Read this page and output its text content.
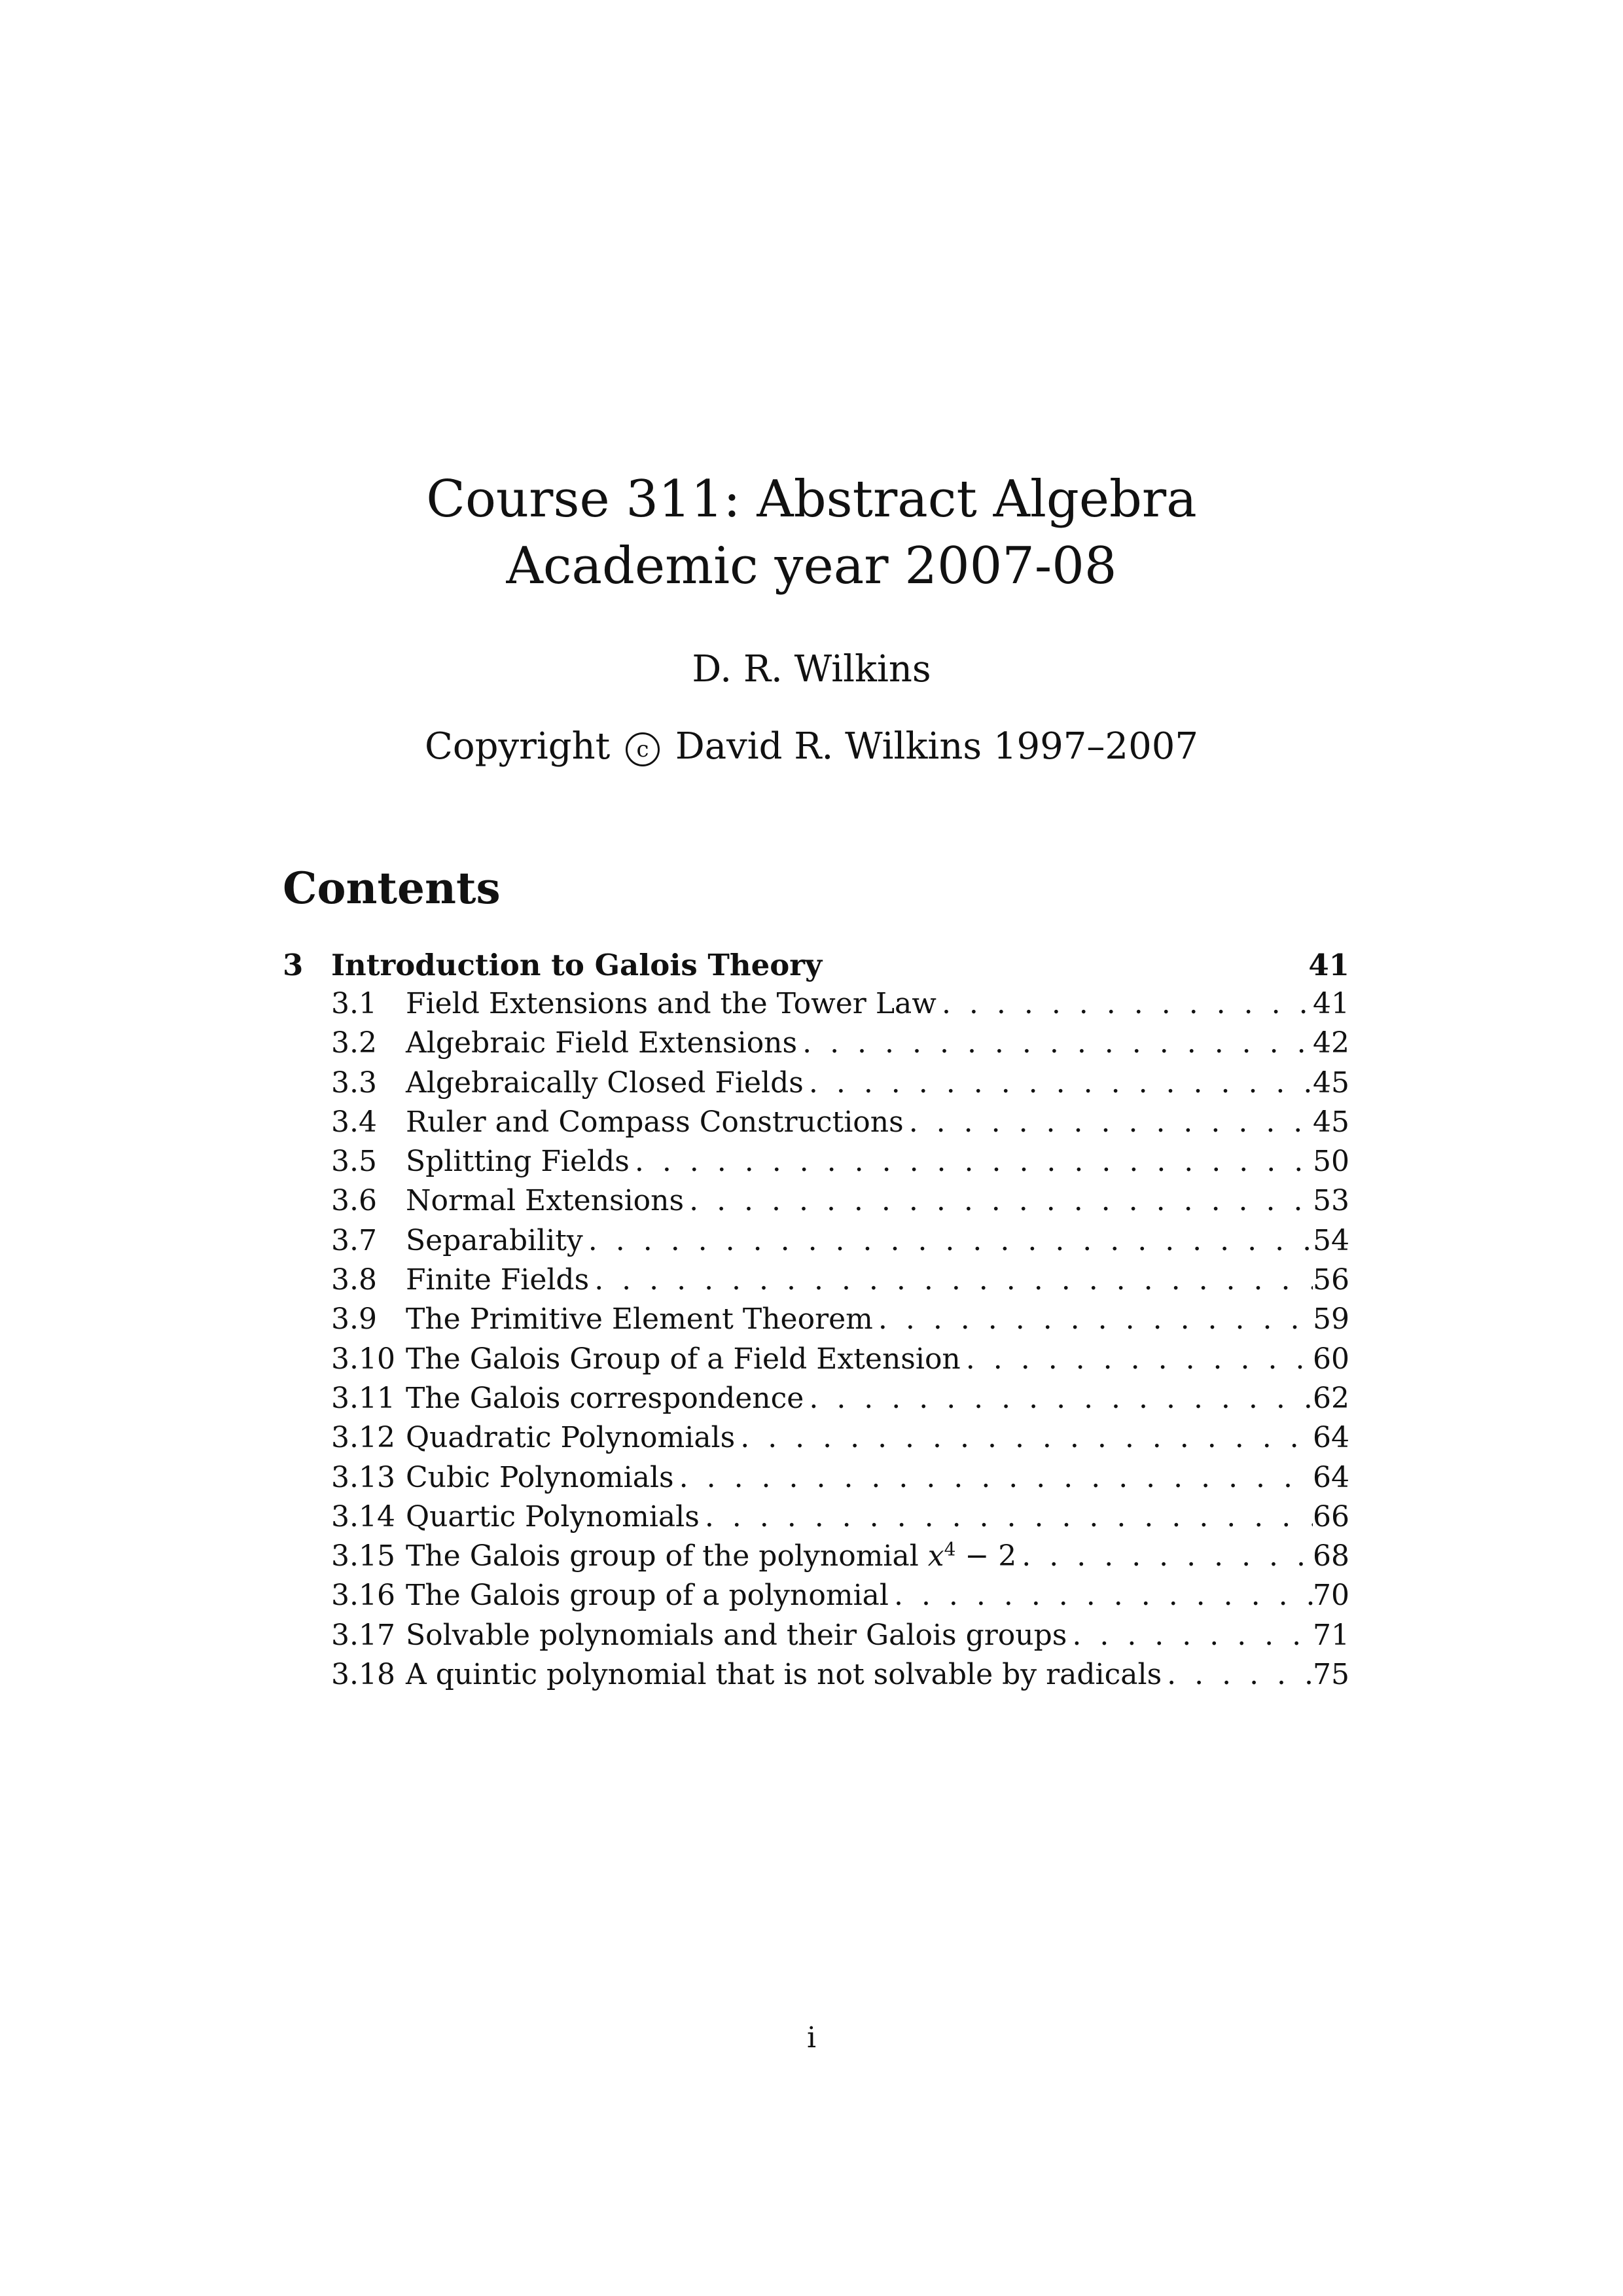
Course 311: Abstract Algebra
Academic year 2007-08

D. R. Wilkins

Copyright c David R. Wilkins 1997–2007

Contents
3 Introduction to Galois Theory	41
3.1	Field Extensions and the Tower Law . . .	41
3.2	Algebraic Field Extensions . . .	42
3.3	Algebraically Closed Fields . . .	45
3.4	Ruler and Compass Constructions . . .	45
3.5	Splitting Fields . . .	50
3.6	Normal Extensions . . .	53
3.7	Separability . . .	54
3.8	Finite Fields . . .	56
3.9	The Primitive Element Theorem . . .	59
3.10 The Galois Group of a Field Extension . . .	60
3.11 The Galois correspondence . . .	62
3.12 Quadratic Polynomials . . .	64
3.13 Cubic Polynomials . . .	64
3.14 Quartic Polynomials . . .	66
3.15 The Galois group of the polynomial $x^4 - 2$ . . .	68
3.16 The Galois group of a polynomial . . .	70
3.17 Solvable polynomials and their Galois groups . . .	71
3.18 A quintic polynomial that is not solvable by radicals . . .	75

i
